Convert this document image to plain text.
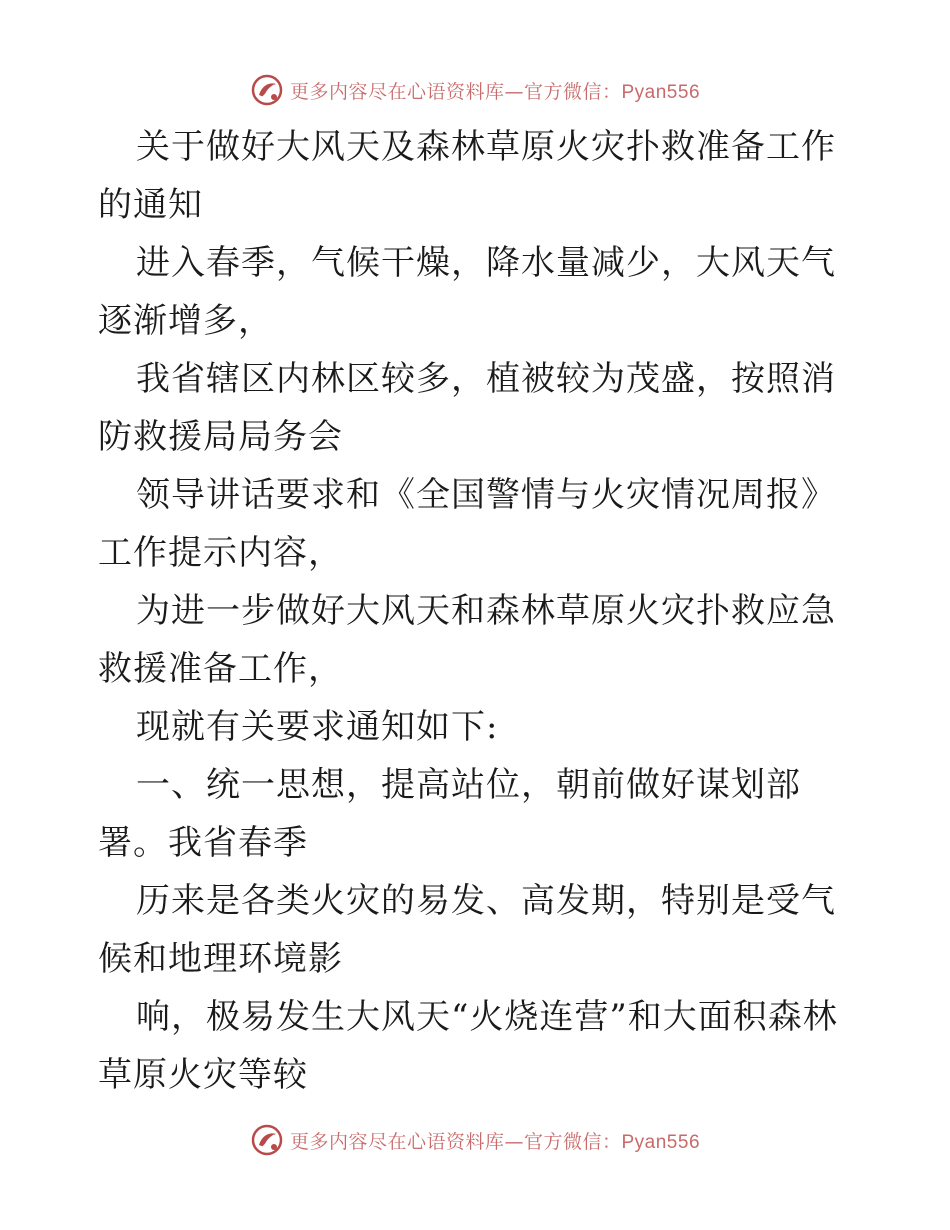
更多内容尽在心语资料库—官方微信：Pyan556

关于做好大风天及森林草原火灾扑救准备工作的通知

进入春季，气候干燥，降水量减少，大风天气逐渐增多，

我省辖区内林区较多，植被较为茂盛，按照消防救援局局务会

领导讲话要求和《全国警情与火灾情况周报》工作提示内容，

为进一步做好大风天和森林草原火灾扑救应急救援准备工作，

现就有关要求通知如下:

一、统一思想，提高站位，朝前做好谋划部署。我省春季

历来是各类火灾的易发、高发期，特别是受气候和地理环境影

响，极易发生大风天“火烧连营”和大面积森林草原火灾等较

更多内容尽在心语资料库—官方微信：Pyan556
